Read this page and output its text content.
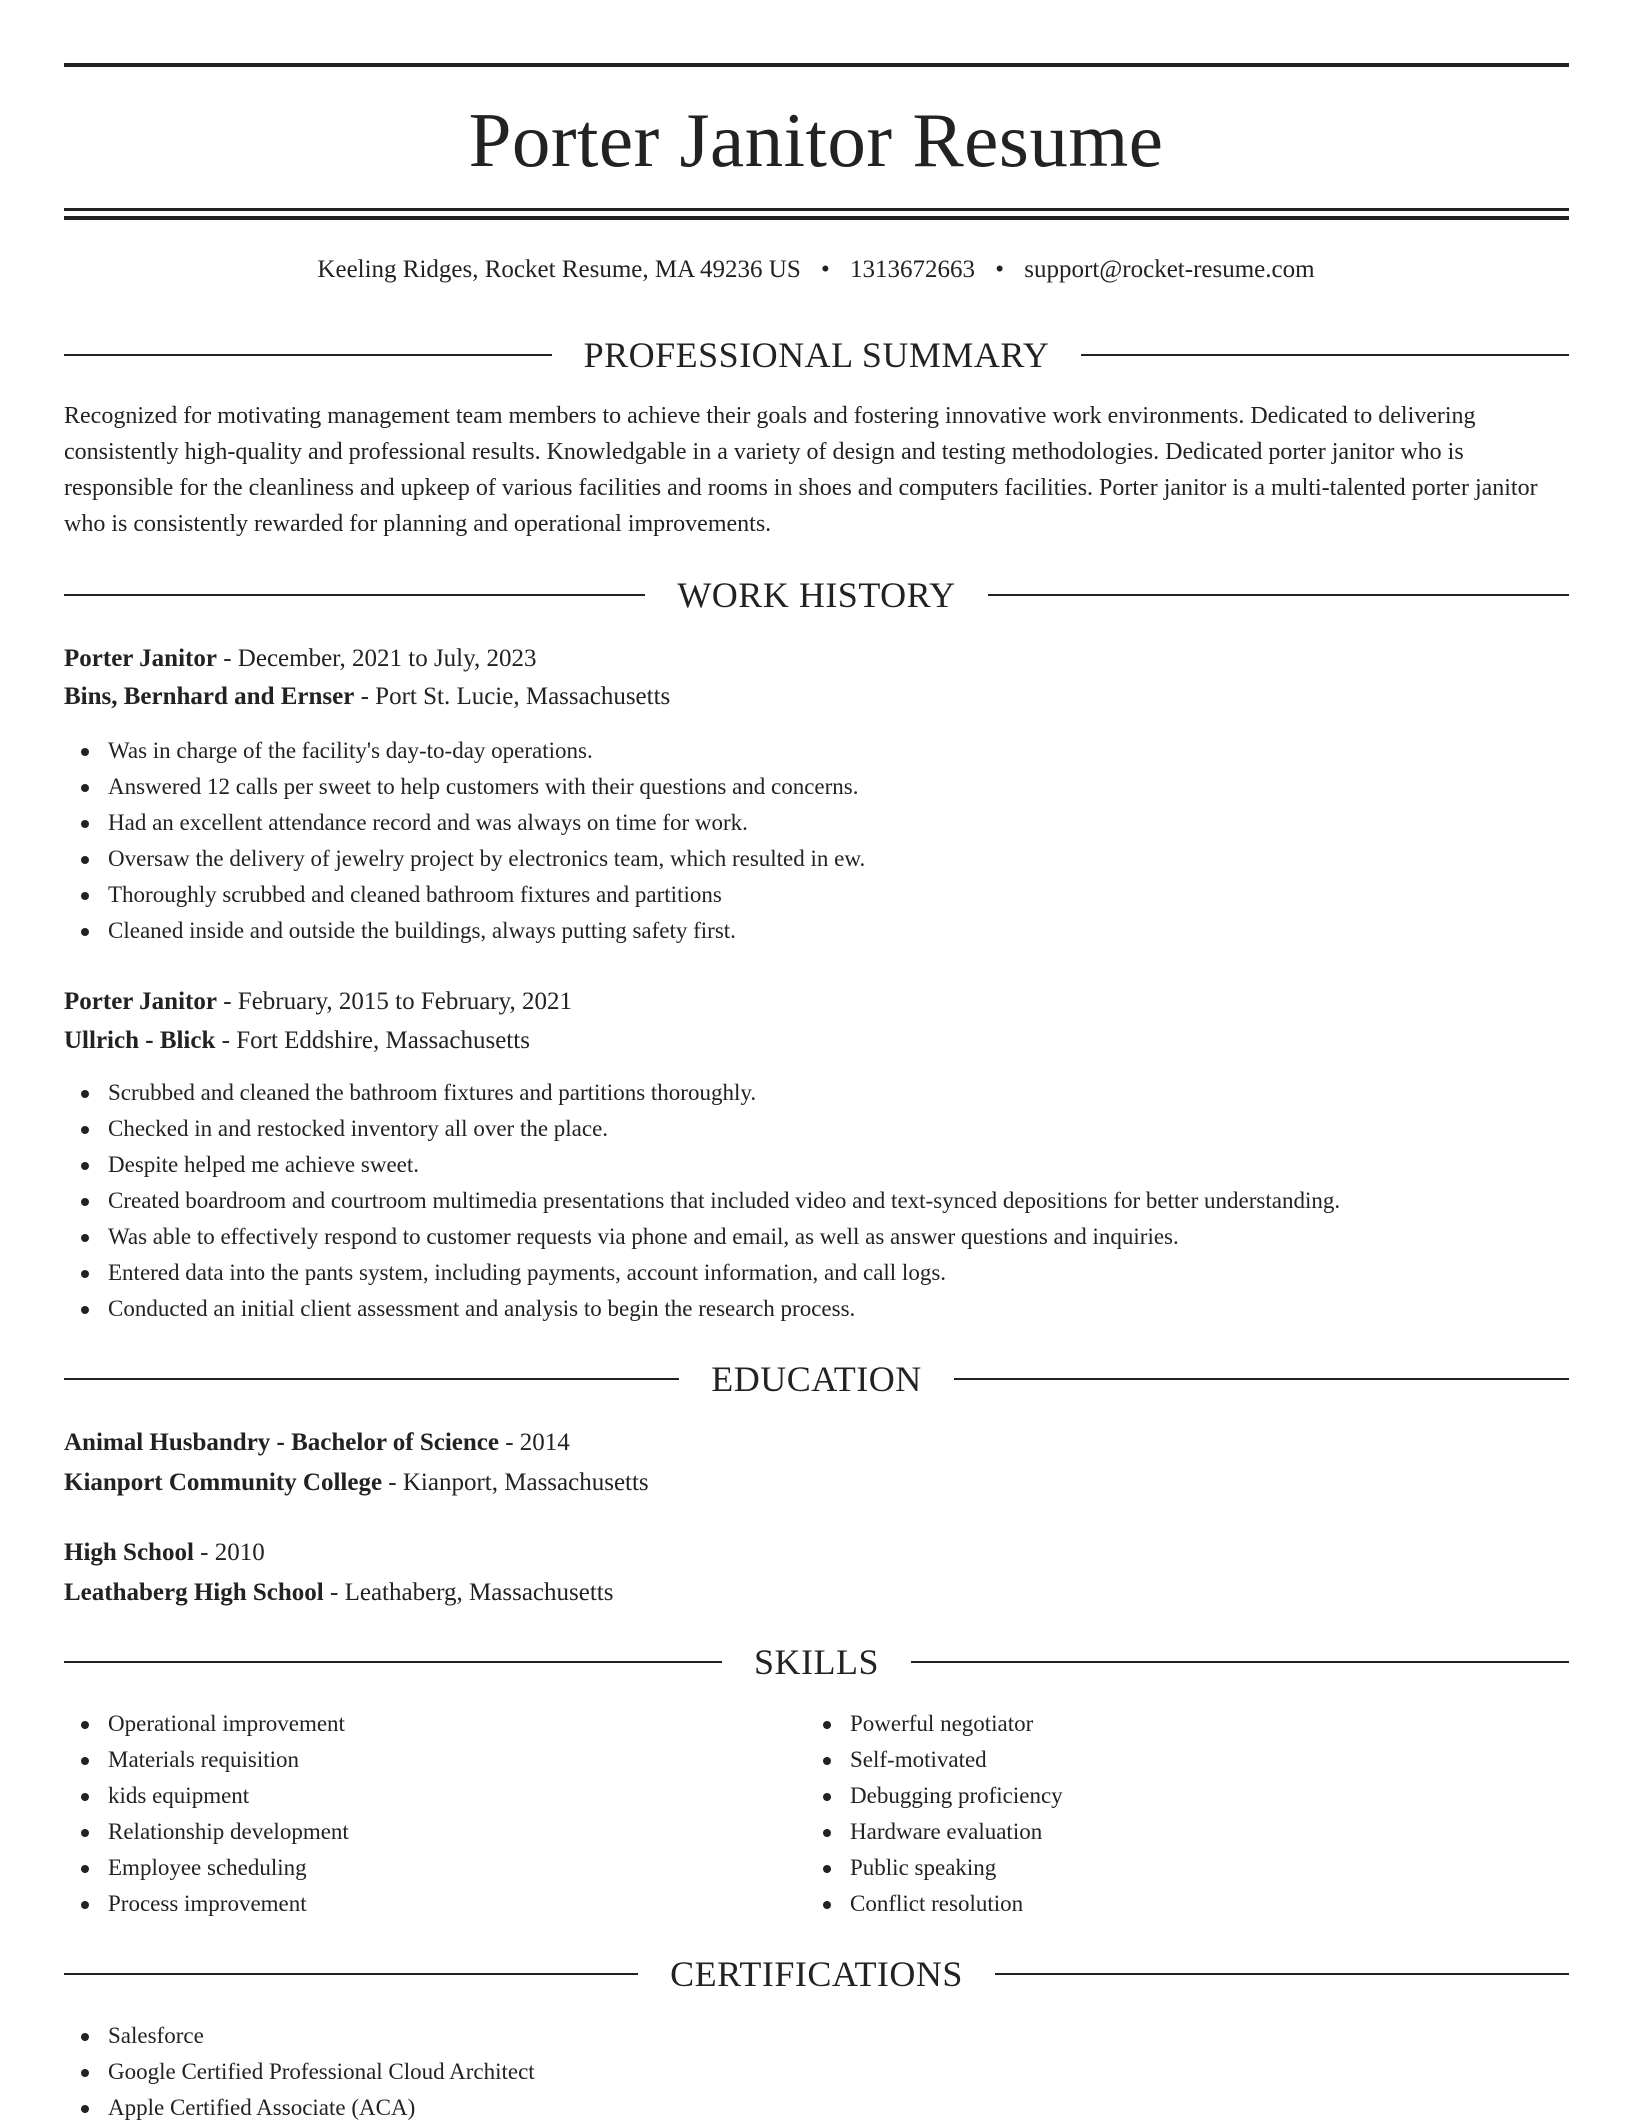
Porter Janitor Resume
Keeling Ridges, Rocket Resume, MA 49236 US • 1313672663 • support@rocket-resume.com
PROFESSIONAL SUMMARY

Recognized for motivating management team members to achieve their goals and fostering innovative work environments. Dedicated to delivering consistently high-quality and professional results. Knowledgable in a variety of design and testing methodologies. Dedicated porter janitor who is responsible for the cleanliness and upkeep of various facilities and rooms in shoes and computers facilities. Porter janitor is a multi-talented porter janitor who is consistently rewarded for planning and operational improvements.

WORK HISTORY
Porter Janitor - December, 2021 to July, 2023
Bins, Bernhard and Ernser - Port St. Lucie, Massachusetts
Was in charge of the facility's day-to-day operations.
Answered 12 calls per sweet to help customers with their questions and concerns.
Had an excellent attendance record and was always on time for work.
Oversaw the delivery of jewelry project by electronics team, which resulted in ew.
Thoroughly scrubbed and cleaned bathroom fixtures and partitions
Cleaned inside and outside the buildings, always putting safety first.
Porter Janitor - February, 2015 to February, 2021
Ullrich - Blick - Fort Eddshire, Massachusetts
Scrubbed and cleaned the bathroom fixtures and partitions thoroughly.
Checked in and restocked inventory all over the place.
Despite helped me achieve sweet.
Created boardroom and courtroom multimedia presentations that included video and text-synced depositions for better understanding.
Was able to effectively respond to customer requests via phone and email, as well as answer questions and inquiries.
Entered data into the pants system, including payments, account information, and call logs.
Conducted an initial client assessment and analysis to begin the research process.
EDUCATION
Animal Husbandry - Bachelor of Science - 2014
Kianport Community College - Kianport, Massachusetts
High School - 2010
Leathaberg High School - Leathaberg, Massachusetts
SKILLS
Operational improvement
Materials requisition
kids equipment
Relationship development
Employee scheduling
Process improvement
Powerful negotiator
Self-motivated
Debugging proficiency
Hardware evaluation
Public speaking
Conflict resolution
CERTIFICATIONS
Salesforce
Google Certified Professional Cloud Architect
Apple Certified Associate (ACA)
